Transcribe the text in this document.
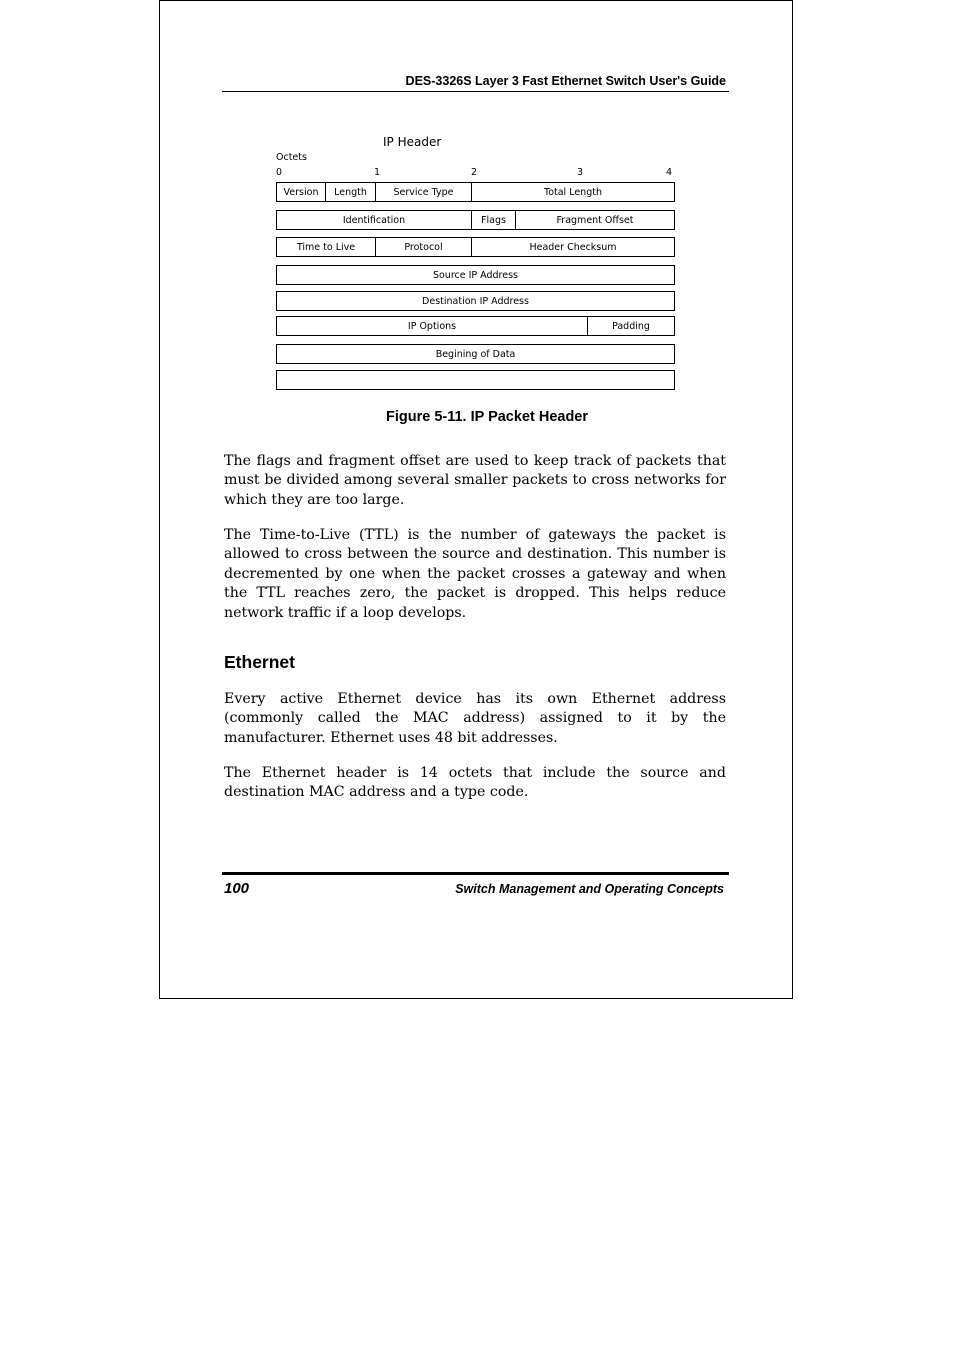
DES-3326S Layer 3 Fast Ethernet Switch User's Guide
IP Header
Octets
0	1	2	3	4
Version	Length	Service Type	Total Length
Identification	Flags	Fragment Offset
Time to Live	Protocol	Header Checksum
Source IP Address
Destination IP Address
IP Options	Padding
Begining of Data
Figure 5-11. IP Packet Header

The flags and fragment offset are used to keep track of packets that must be divided among several smaller packets to cross networks for which they are too large.

The Time-to-Live (TTL) is the number of gateways the packet is allowed to cross between the source and destination. This number is decremented by one when the packet crosses a gateway and when the TTL reaches zero, the packet is dropped. This helps reduce network traffic if a loop develops.

Ethernet

Every active Ethernet device has its own Ethernet address (commonly called the MAC address) assigned to it by the manufacturer. Ethernet uses 48 bit addresses.

The Ethernet header is 14 octets that include the source and destination MAC address and a type code.

100	Switch Management and Operating Concepts
